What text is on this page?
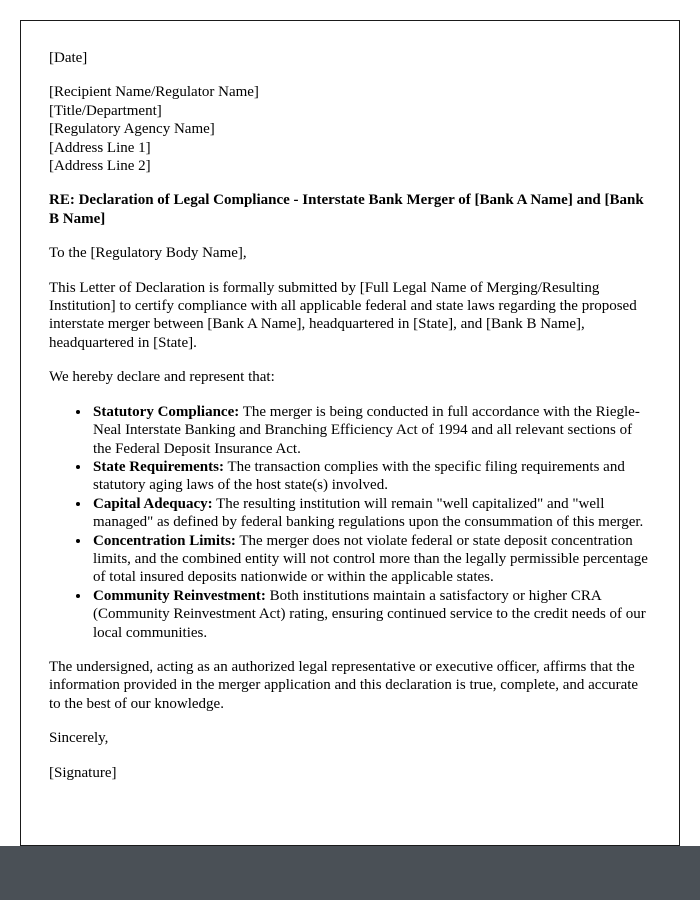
[Date]

[Recipient Name/Regulator Name]
[Title/Department]
[Regulatory Agency Name]
[Address Line 1]
[Address Line 2]

RE: Declaration of Legal Compliance - Interstate Bank Merger of [Bank A Name] and [Bank B Name]

To the [Regulatory Body Name],

This Letter of Declaration is formally submitted by [Full Legal Name of Merging/Resulting Institution] to certify compliance with all applicable federal and state laws regarding the proposed interstate merger between [Bank A Name], headquartered in [State], and [Bank B Name], headquartered in [State].

We hereby declare and represent that:

• Statutory Compliance: The merger is being conducted in full accordance with the Riegle-Neal Interstate Banking and Branching Efficiency Act of 1994 and all relevant sections of the Federal Deposit Insurance Act.
• State Requirements: The transaction complies with the specific filing requirements and statutory aging laws of the host state(s) involved.
• Capital Adequacy: The resulting institution will remain "well capitalized" and "well managed" as defined by federal banking regulations upon the consummation of this merger.
• Concentration Limits: The merger does not violate federal or state deposit concentration limits, and the combined entity will not control more than the legally permissible percentage of total insured deposits nationwide or within the applicable states.
• Community Reinvestment: Both institutions maintain a satisfactory or higher CRA (Community Reinvestment Act) rating, ensuring continued service to the credit needs of our local communities.

The undersigned, acting as an authorized legal representative or executive officer, affirms that the information provided in the merger application and this declaration is true, complete, and accurate to the best of our knowledge.

Sincerely,

[Signature]
